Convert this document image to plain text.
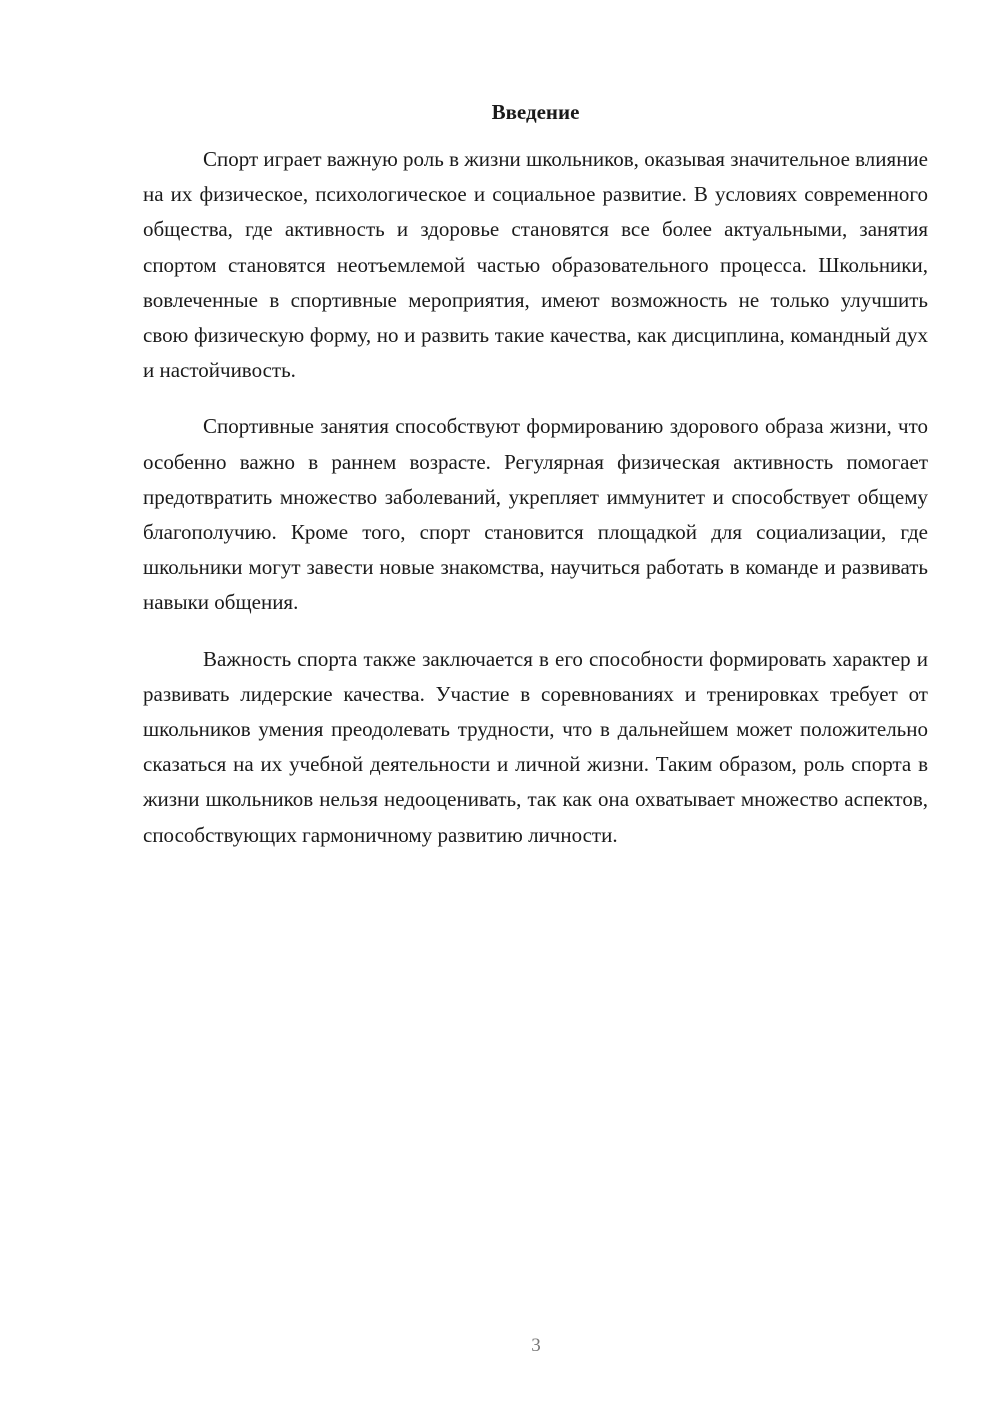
Введение

Спорт играет важную роль в жизни школьников, оказывая значительное влияние на их физическое, психологическое и социальное развитие. В условиях современного общества, где активность и здоровье становятся все более актуальными, занятия спортом становятся неотъемлемой частью образовательного процесса. Школьники, вовлеченные в спортивные мероприятия, имеют возможность не только улучшить свою физическую форму, но и развить такие качества, как дисциплина, командный дух и настойчивость.

Спортивные занятия способствуют формированию здорового образа жизни, что особенно важно в раннем возрасте. Регулярная физическая активность помогает предотвратить множество заболеваний, укрепляет иммунитет и способствует общему благополучию. Кроме того, спорт становится площадкой для социализации, где школьники могут завести новые знакомства, научиться работать в команде и развивать навыки общения.

Важность спорта также заключается в его способности формировать характер и развивать лидерские качества. Участие в соревнованиях и тренировках требует от школьников умения преодолевать трудности, что в дальнейшем может положительно сказаться на их учебной деятельности и личной жизни. Таким образом, роль спорта в жизни школьников нельзя недооценивать, так как она охватывает множество аспектов, способствующих гармоничному развитию личности.

3
